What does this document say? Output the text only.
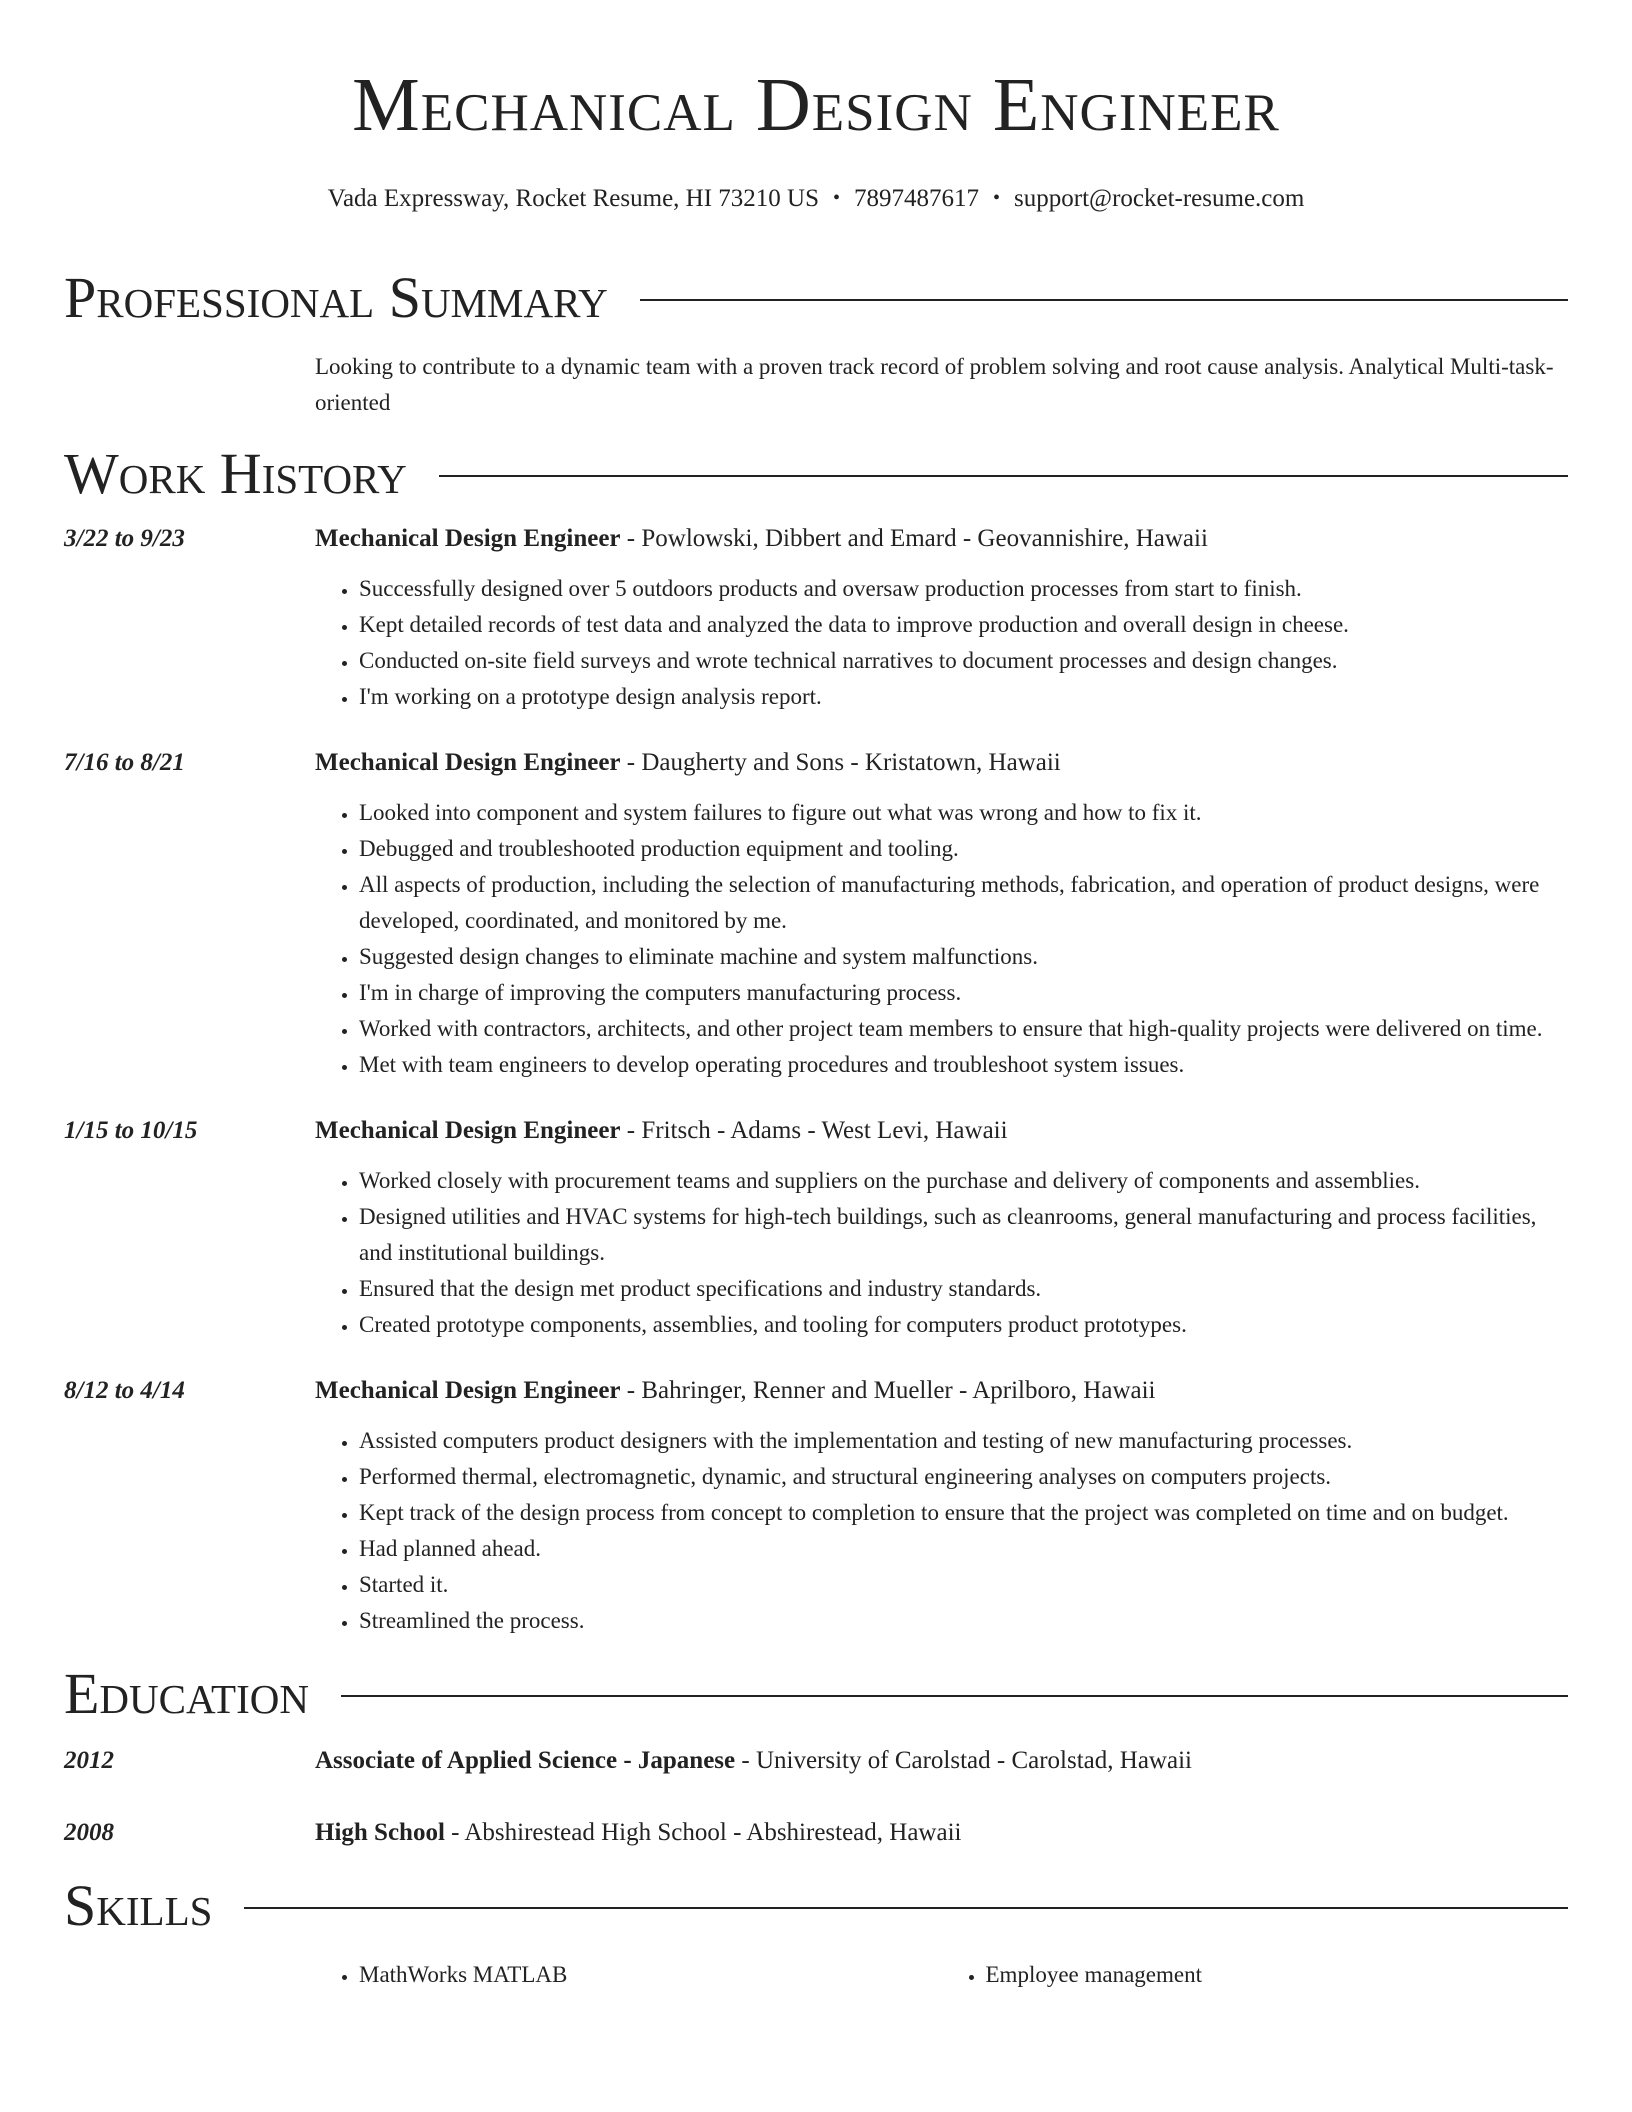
Mechanical Design Engineer
Vada Expressway, Rocket Resume, HI 73210 US • 7897487617 • support@rocket-resume.com
Professional Summary
Looking to contribute to a dynamic team with a proven track record of problem solving and root cause analysis. Analytical Multi-task-oriented
Work History
3/22 to 9/23	Mechanical Design Engineer - Powlowski, Dibbert and Emard - Geovannishire, Hawaii
• Successfully designed over 5 outdoors products and oversaw production processes from start to finish.
• Kept detailed records of test data and analyzed the data to improve production and overall design in cheese.
• Conducted on-site field surveys and wrote technical narratives to document processes and design changes.
• I'm working on a prototype design analysis report.
7/16 to 8/21	Mechanical Design Engineer - Daugherty and Sons - Kristatown, Hawaii
• Looked into component and system failures to figure out what was wrong and how to fix it.
• Debugged and troubleshooted production equipment and tooling.
• All aspects of production, including the selection of manufacturing methods, fabrication, and operation of product designs, were developed, coordinated, and monitored by me.
• Suggested design changes to eliminate machine and system malfunctions.
• I'm in charge of improving the computers manufacturing process.
• Worked with contractors, architects, and other project team members to ensure that high-quality projects were delivered on time.
• Met with team engineers to develop operating procedures and troubleshoot system issues.
1/15 to 10/15	Mechanical Design Engineer - Fritsch - Adams - West Levi, Hawaii
• Worked closely with procurement teams and suppliers on the purchase and delivery of components and assemblies.
• Designed utilities and HVAC systems for high-tech buildings, such as cleanrooms, general manufacturing and process facilities, and institutional buildings.
• Ensured that the design met product specifications and industry standards.
• Created prototype components, assemblies, and tooling for computers product prototypes.
8/12 to 4/14	Mechanical Design Engineer - Bahringer, Renner and Mueller - Aprilboro, Hawaii
• Assisted computers product designers with the implementation and testing of new manufacturing processes.
• Performed thermal, electromagnetic, dynamic, and structural engineering analyses on computers projects.
• Kept track of the design process from concept to completion to ensure that the project was completed on time and on budget.
• Had planned ahead.
• Started it.
• Streamlined the process.
Education
2012	Associate of Applied Science - Japanese - University of Carolstad - Carolstad, Hawaii
2008	High School - Abshirestead High School - Abshirestead, Hawaii
Skills
• MathWorks MATLAB
•	Employee management
